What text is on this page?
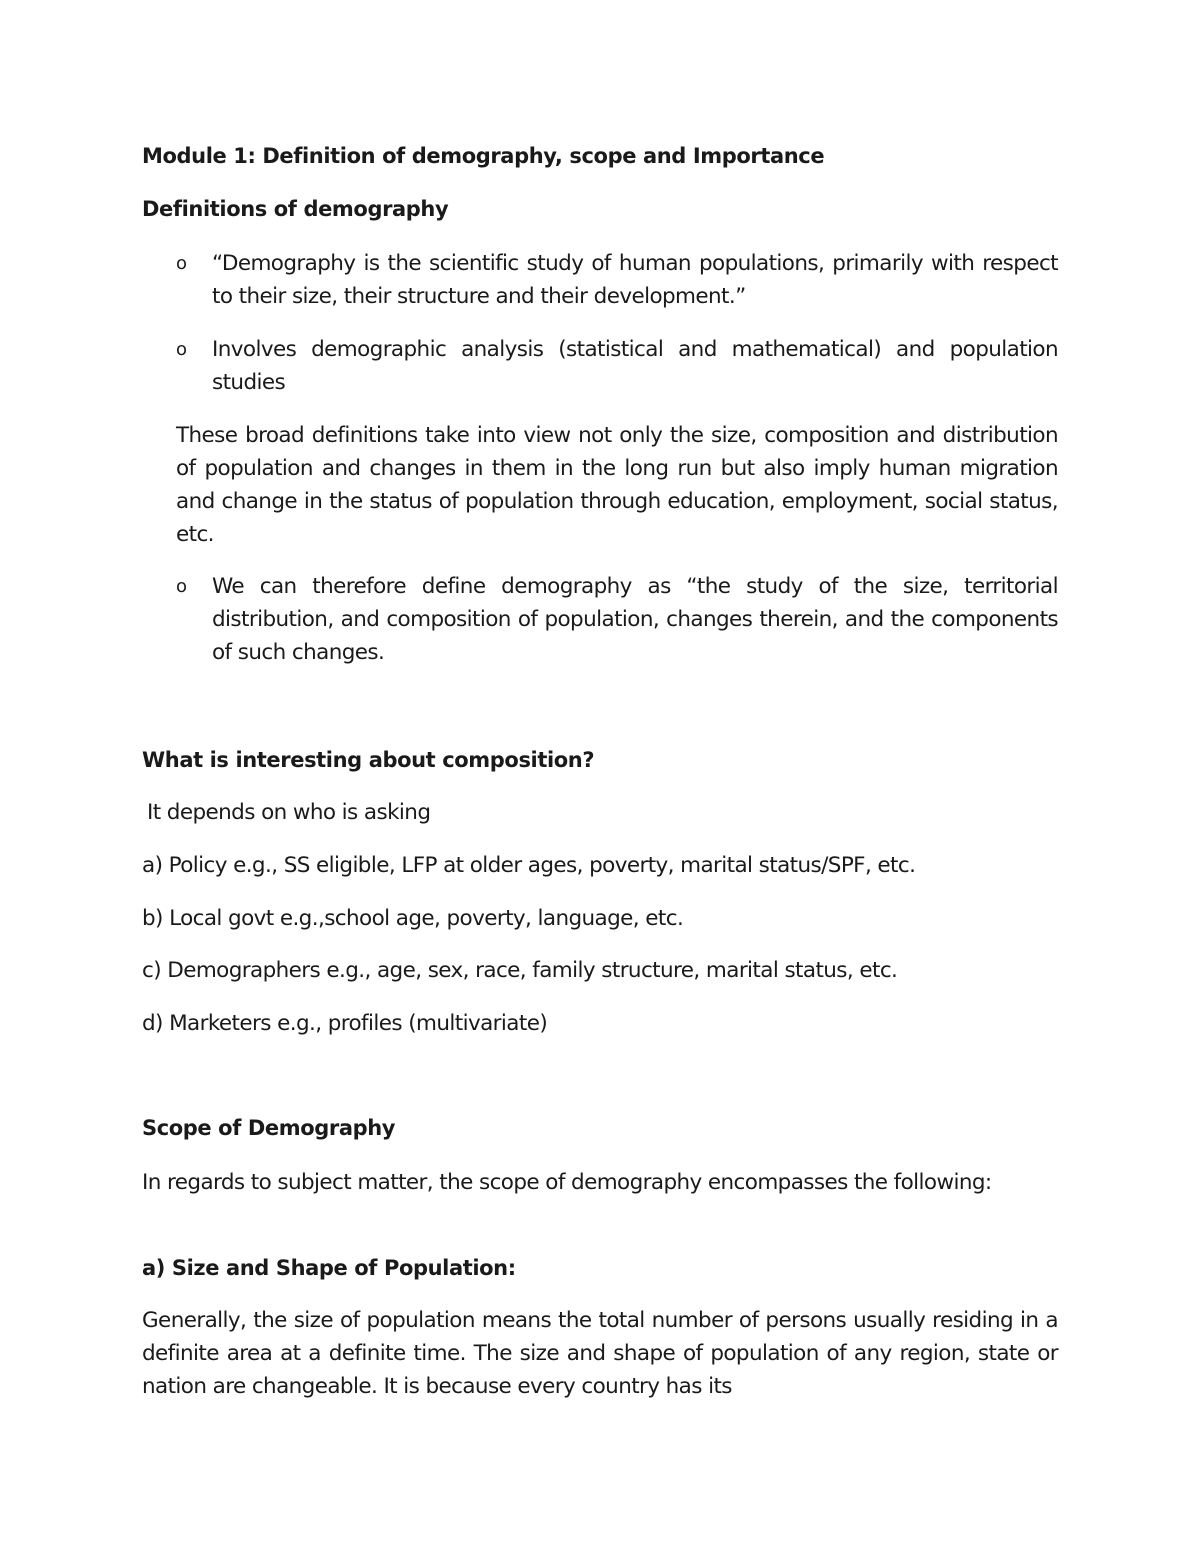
Module 1: Definition of demography, scope and Importance
Definitions of demography
o “Demography is the scientific study of human populations, primarily with respect to their size, their structure and their development.”
o Involves demographic analysis (statistical and mathematical) and population studies
These broad definitions take into view not only the size, composition and distribution of population and changes in them in the long run but also imply human migration and change in the status of population through education, employment, social status, etc.
o We can therefore define demography as “the study of the size, territorial distribution, and composition of population, changes therein, and the components of such changes.
What is interesting about composition?
It depends on who is asking
a) Policy e.g., SS eligible, LFP at older ages, poverty, marital status/SPF, etc.
b) Local govt e.g.,school age, poverty, language, etc.
c) Demographers e.g., age, sex, race, family structure, marital status, etc.
d) Marketers e.g., profiles (multivariate)
Scope of Demography
In regards to subject matter, the scope of demography encompasses the following:
a) Size and Shape of Population:
Generally, the size of population means the total number of persons usually residing in a definite area at a definite time. The size and shape of population of any region, state or nation are changeable. It is because every country has its
